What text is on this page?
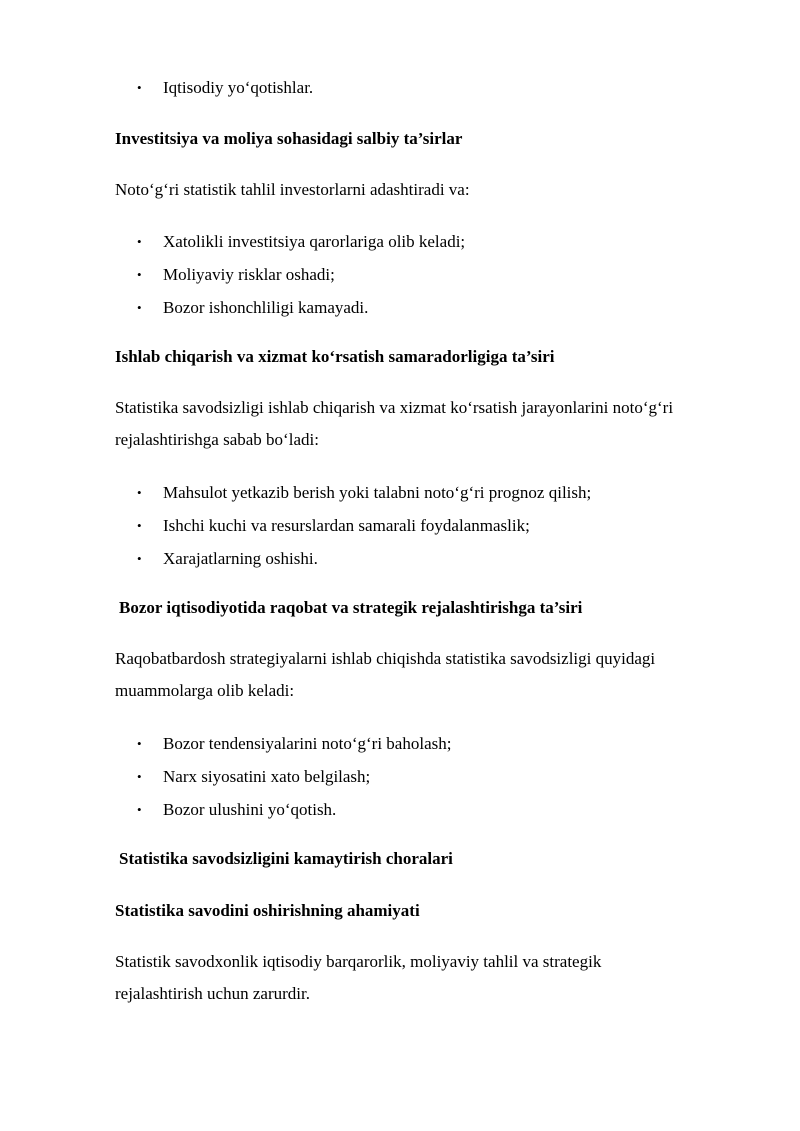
• Iqtisodiy yo‘qotishlar.

Investitsiya va moliya sohasidagi salbiy ta’sirlar

Noto‘g‘ri statistik tahlil investorlarni adashtiradi va:

• Xatolikli investitsiya qarorlariga olib keladi;
• Moliyaviy risklar oshadi;
• Bozor ishonchliligi kamayadi.

Ishlab chiqarish va xizmat ko‘rsatish samaradorligiga ta’siri

Statistika savodsizligi ishlab chiqarish va xizmat ko‘rsatish jarayonlarini noto‘g‘ri

rejalashtirishga sabab bo‘ladi:

• Mahsulot yetkazib berish yoki talabni noto‘g‘ri prognoz qilish;
• Ishchi kuchi va resurslardan samarali foydalanmaslik;
• Xarajatlarning oshishi.

Bozor iqtisodiyotida raqobat va strategik rejalashtirishga ta’siri

Raqobatbardosh strategiyalarni ishlab chiqishda statistika savodsizligi quyidagi

muammolarga olib keladi:

• Bozor tendensiyalarini noto‘g‘ri baholash;
• Narx siyosatini xato belgilash;
• Bozor ulushini yo‘qotish.

Statistika savodsizligini kamaytirish choralari

Statistika savodini oshirishning ahamiyati

Statistik savodxonlik iqtisodiy barqarorlik, moliyaviy tahlil va strategik

rejalashtirish uchun zarurdir.
